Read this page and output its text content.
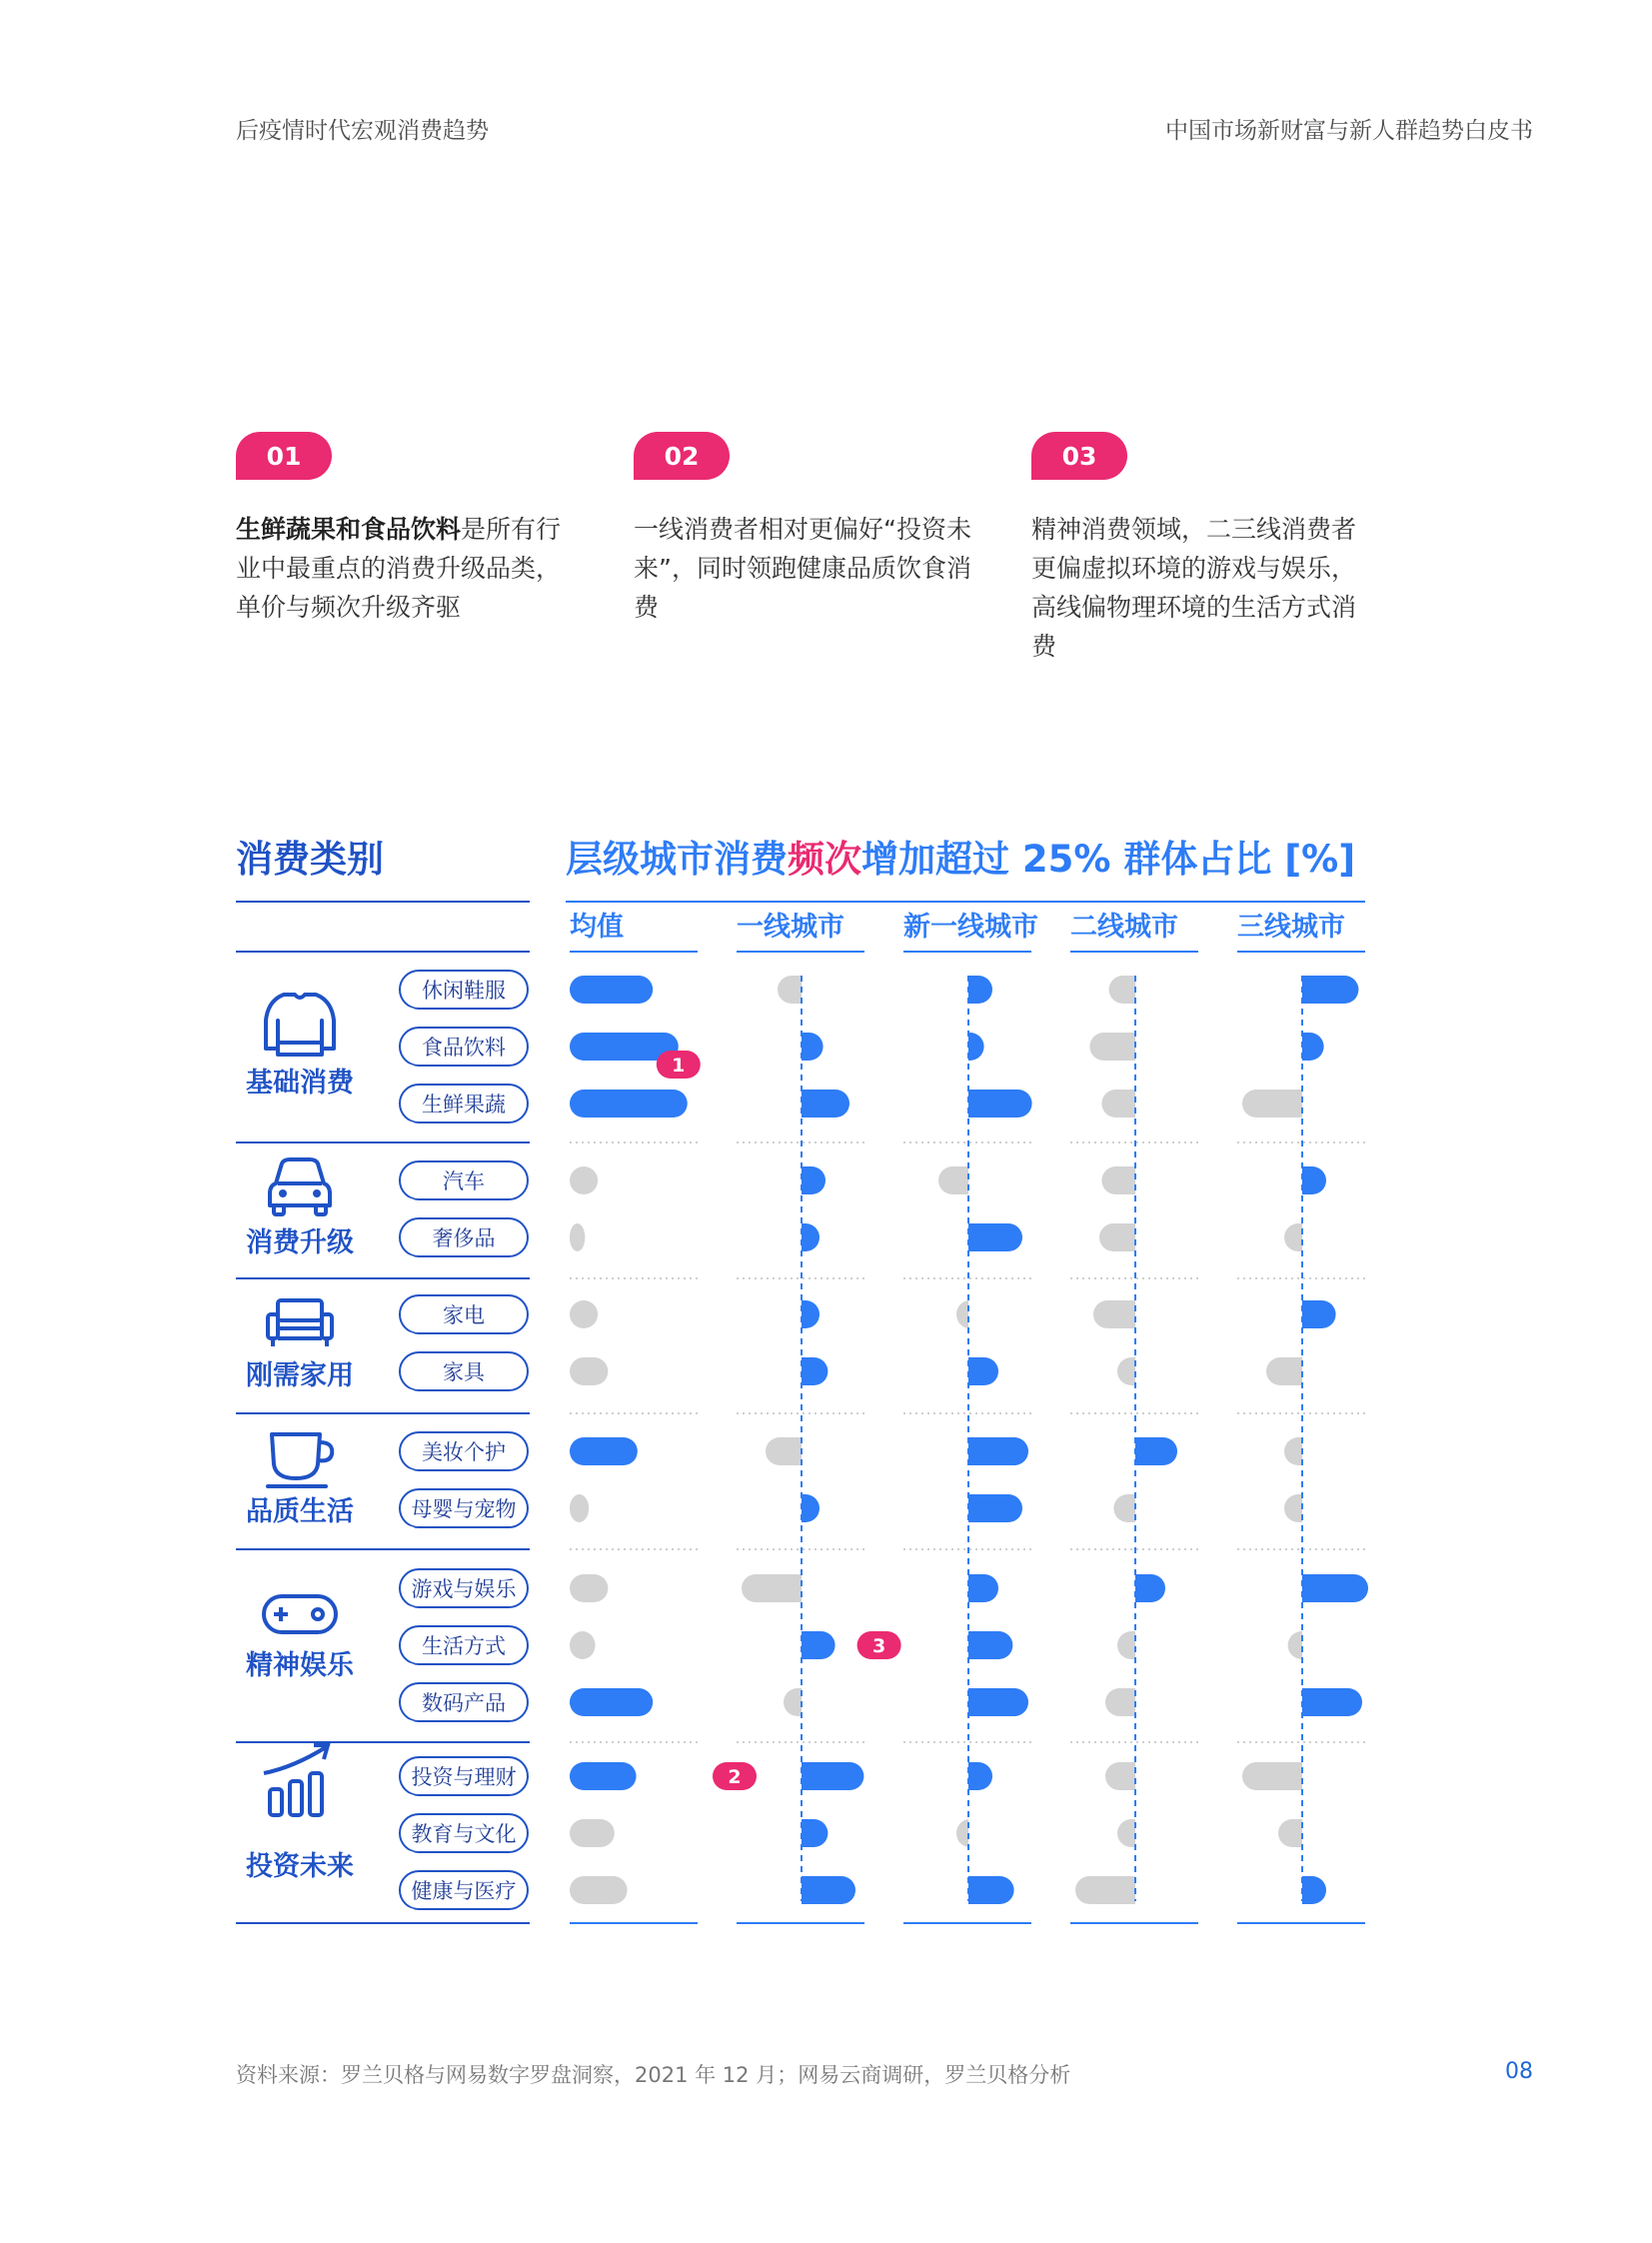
后疫情时代宏观消费趋势	中国市场新财富与新人群趋势白皮书
01
生鲜蔬果和食品饮料是所有行业中最重点的消费升级品类，单价与频次升级齐驱
02
一线消费者相对更偏好“投资未来”，同时领跑健康品质饮食消费
03
精神消费领域，二三线消费者更偏虚拟环境的游戏与娱乐，高线偏物理环境的生活方式消费
消费类别	层级城市消费频次增加超过 25% 群体占比 [%]
均值	一线城市 新一线城市 二线城市 三线城市
基础消费
休闲鞋服
食品饮料
生鲜果蔬
消费升级
汽车
奢侈品
刚需家用
家电
家具
品质生活
美妆个护
母婴与宠物
精神娱乐
游戏与娱乐
生活方式
数码产品
投资未来
投资与理财
教育与文化
健康与医疗
1
2
3
资料来源：罗兰贝格与网易数字罗盘洞察，2021 年 12 月；网易云商调研，罗兰贝格分析	08
